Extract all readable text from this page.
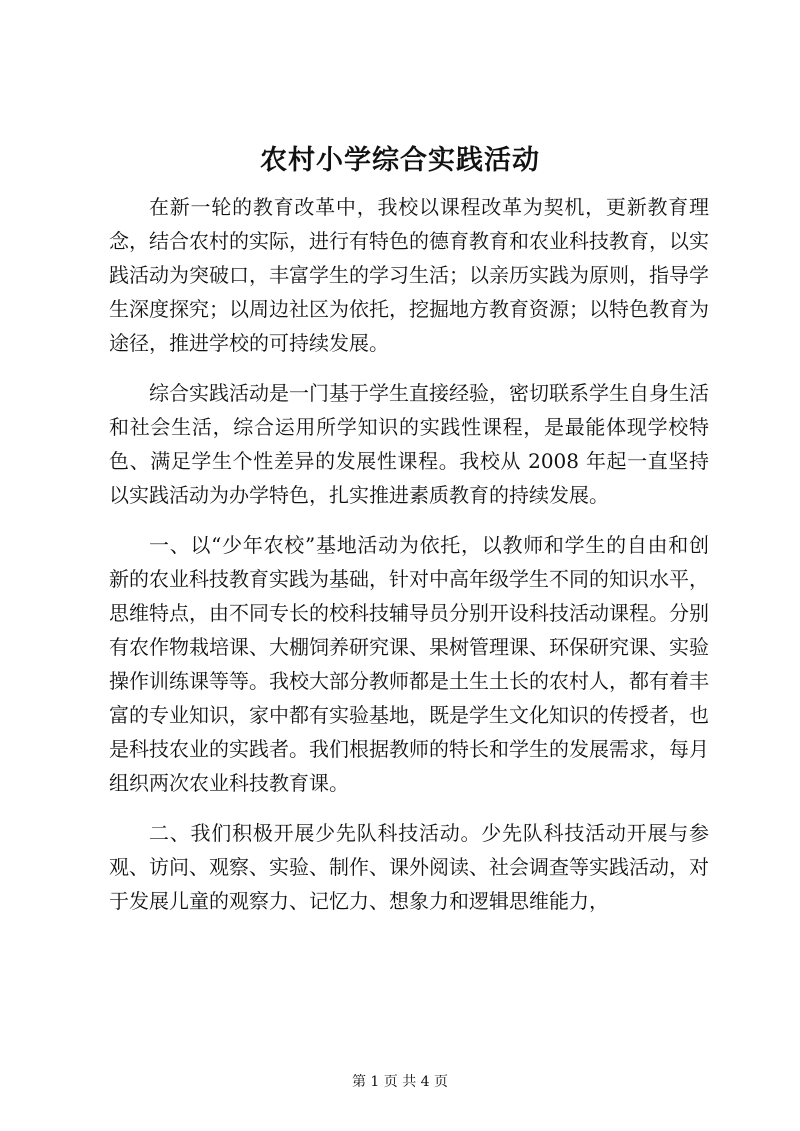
农村小学综合实践活动

在新一轮的教育改革中，我校以课程改革为契机，更新教育理念，结合农村的实际，进行有特色的德育教育和农业科技教育，以实践活动为突破口，丰富学生的学习生活；以亲历实践为原则，指导学生深度探究；以周边社区为依托，挖掘地方教育资源；以特色教育为途径，推进学校的可持续发展。

综合实践活动是一门基于学生直接经验，密切联系学生自身生活和社会生活，综合运用所学知识的实践性课程，是最能体现学校特色、满足学生个性差异的发展性课程。我校从 2008 年起一直坚持以实践活动为办学特色，扎实推进素质教育的持续发展。

一、以“少年农校”基地活动为依托，以教师和学生的自由和创新的农业科技教育实践为基础，针对中高年级学生不同的知识水平，思维特点，由不同专长的校科技辅导员分别开设科技活动课程。分别有农作物栽培课、大棚饲养研究课、果树管理课、环保研究课、实验操作训练课等等。我校大部分教师都是土生土长的农村人，都有着丰富的专业知识，家中都有实验基地，既是学生文化知识的传授者，也是科技农业的实践者。我们根据教师的特长和学生的发展需求，每月组织两次农业科技教育课。

二、我们积极开展少先队科技活动。少先队科技活动开展与参观、访问、观察、实验、制作、课外阅读、社会调查等实践活动，对于发展儿童的观察力、记忆力、想象力和逻辑思维能力，

第 1 页 共 4 页
